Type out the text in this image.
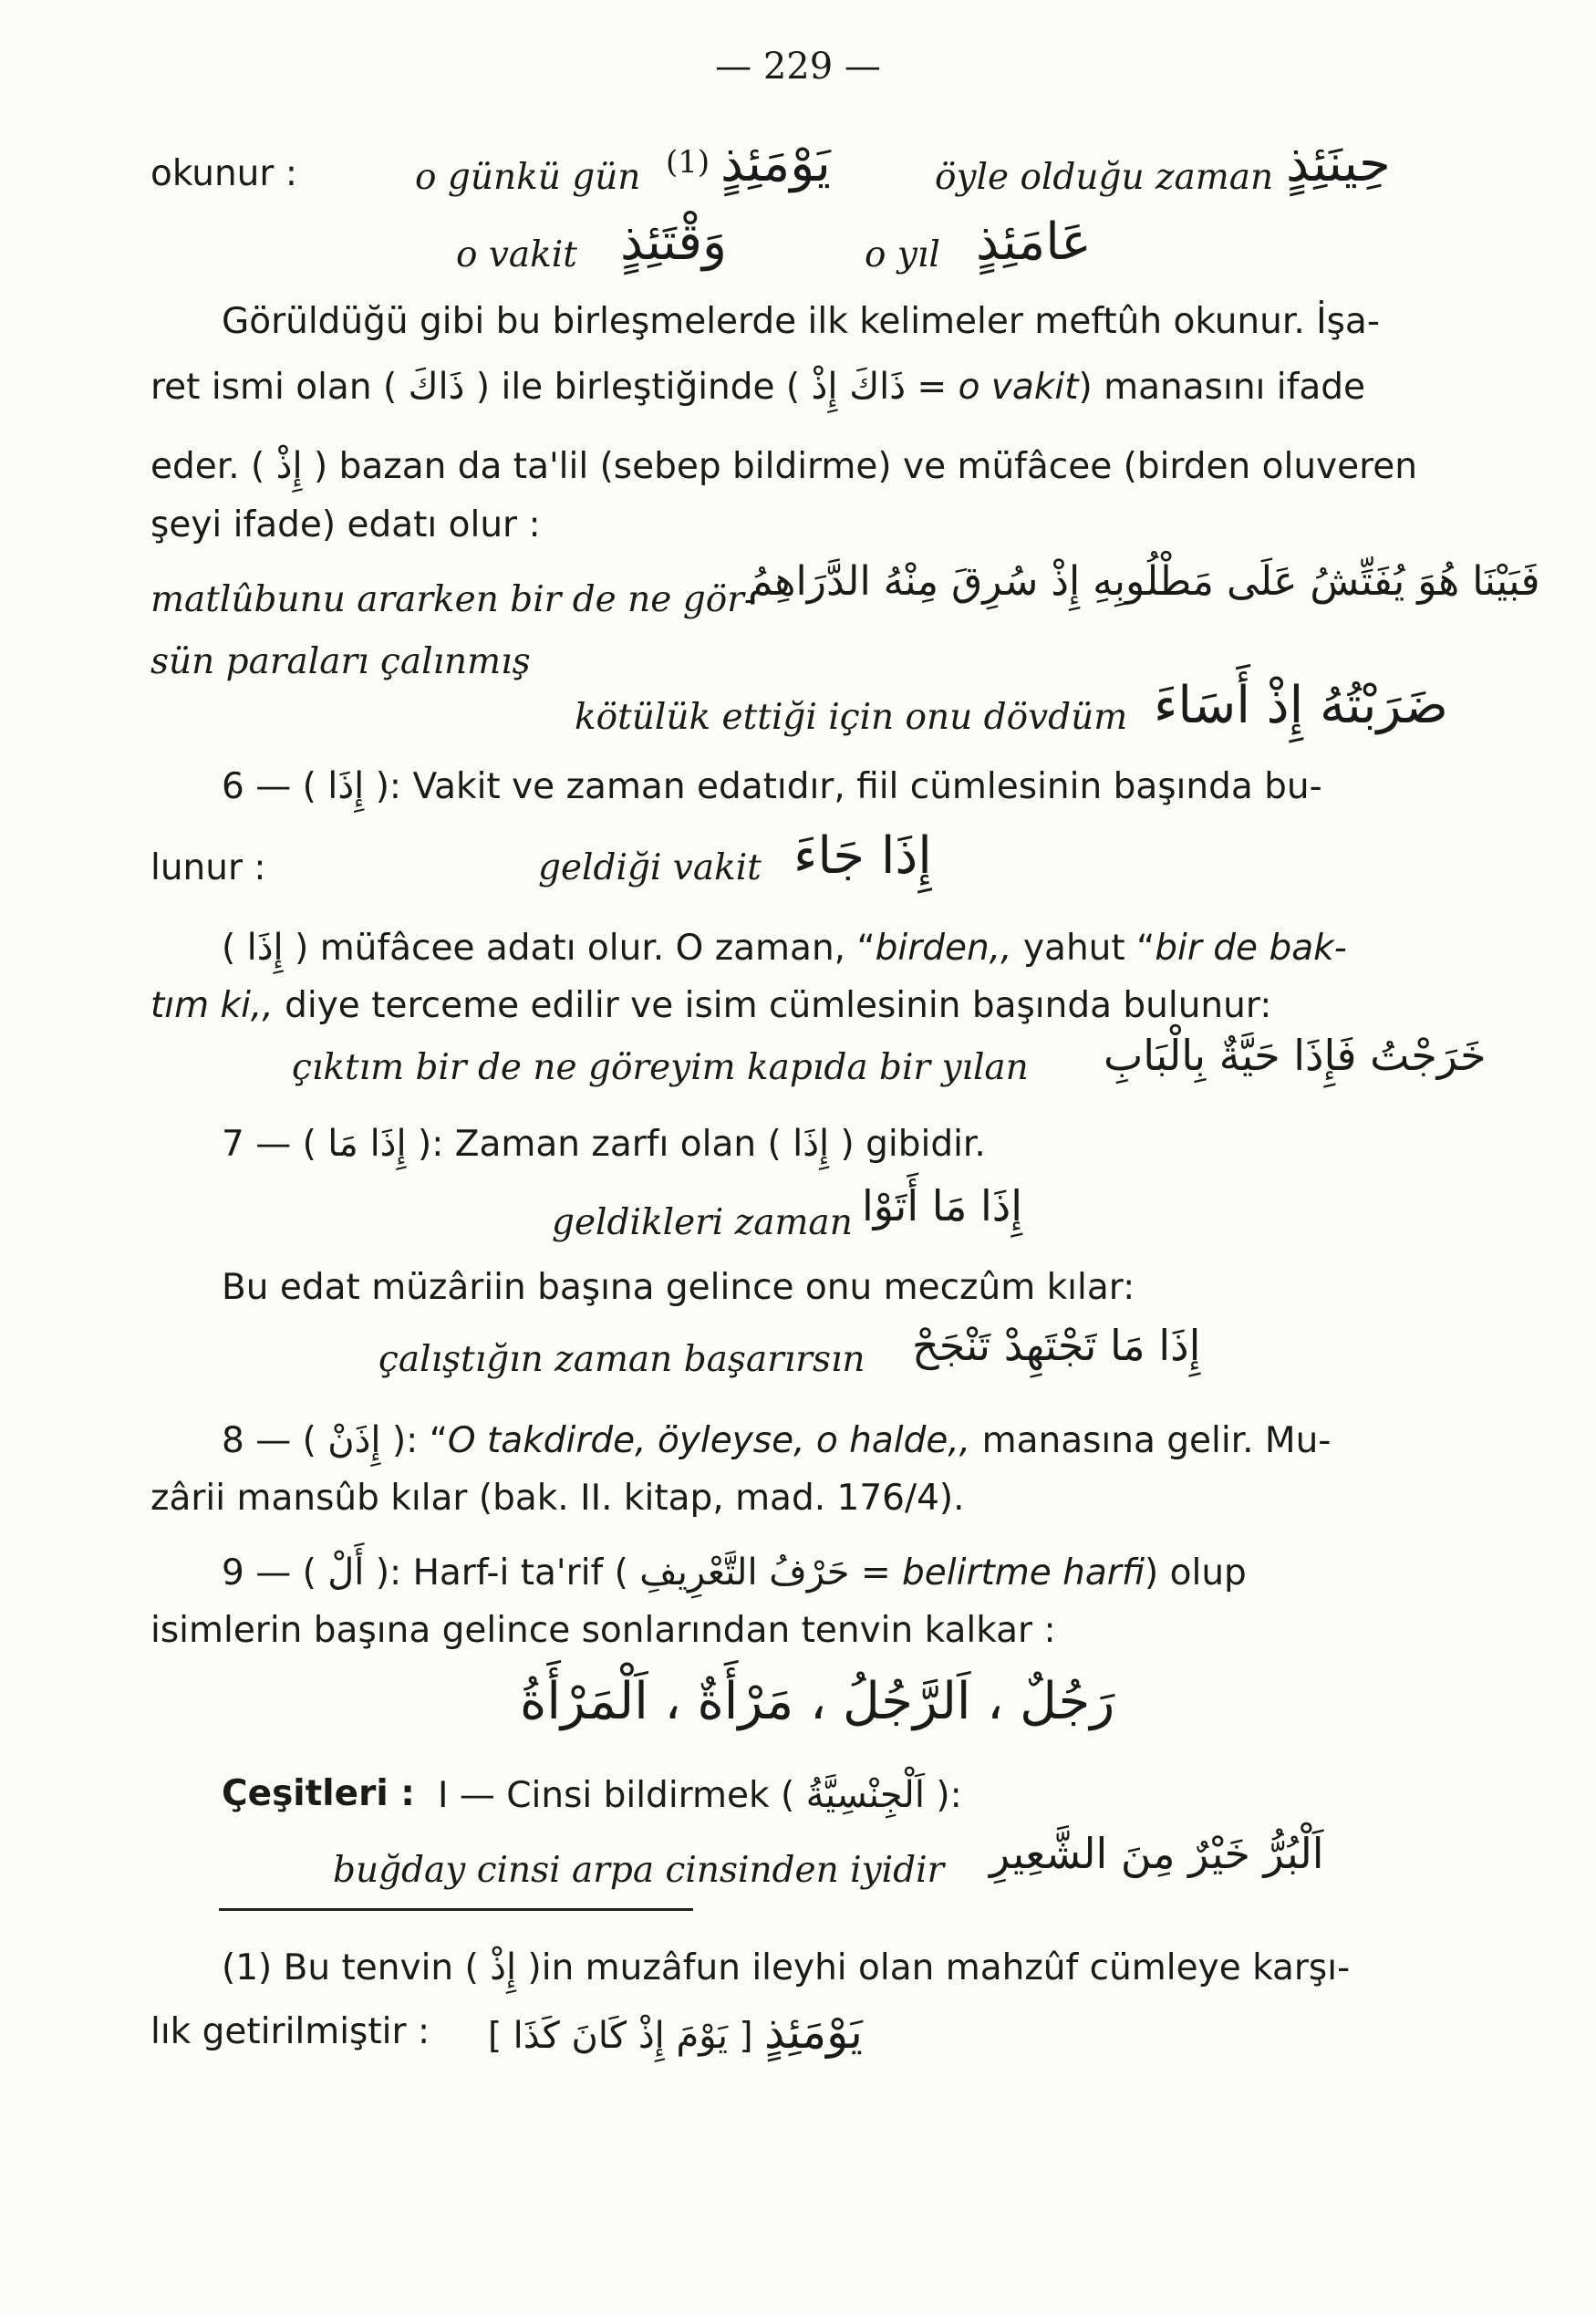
— 229 —
okunur :	o günkü gün (1) يَوْمَئِذٍ	öyle olduğu zaman حِينَئِذٍ
o vakit وَقْتَئِذٍ	o yıl عَامَئِذٍ
Görüldüğü gibi bu birleşmelerde ilk kelimeler meftûh okunur. İşa-
ret ismi olan ( ذَاكَ ) ile birleştiğinde ( ذَاكَ إِذْ = o vakit) manasını ifade
eder. ( إِذْ ) bazan da ta'lil (sebep bildirme) ve müfâcee (birden oluveren
şeyi ifade) edatı olur :
matlûbunu ararken bir de ne gör-
فَبَيْنَا هُوَ يُفَتِّشُ عَلَى مَطْلُوبِهِ إِذْ سُرِقَ مِنْهُ الدَّرَاهِمُ
sün paraları çalınmış
kötülük ettiği için onu dövdüm ضَرَبْتُهُ إِذْ أَسَاءَ
6 — ( إِذَا ): Vakit ve zaman edatıdır, fiil cümlesinin başında bu-
lunur :	geldiği vakit إِذَا جَاءَ
( إِذَا ) müfâcee adatı olur. O zaman, “birden,, yahut “bir de bak-
tım ki,, diye terceme edilir ve isim cümlesinin başında bulunur:
çıktım bir de ne göreyim kapıda bir yılan خَرَجْتُ فَإِذَا حَيَّةٌ بِالْبَابِ
7 — ( إِذَا مَا ): Zaman zarfı olan ( إِذَا ) gibidir.
geldikleri zaman إِذَا مَا أَتَوْا
Bu edat müzâriin başına gelince onu meczûm kılar:
çalıştığın zaman başarırsın إِذَا مَا تَجْتَهِدْ تَنْجَحْ
8 — ( إِذَنْ ): “O takdirde, öyleyse, o halde,, manasına gelir. Mu-
zârii mansûb kılar (bak. II. kitap, mad. 176/4).
9 — ( أَلْ ): Harf-i ta'rif ( حَرْفُ التَّعْرِيفِ = belirtme harfi) olup
isimlerin başına gelince sonlarından tenvin kalkar :
رَجُلٌ ، اَلرَّجُلُ ، مَرْأَةٌ ، اَلْمَرْأَةُ
Çeşitleri : I — Cinsi bildirmek ( اَلْجِنْسِيَّةُ ):
buğday cinsi arpa cinsinden iyidir اَلْبُرُّ خَيْرٌ مِنَ الشَّعِيرِ
(1) Bu tenvin ( إِذْ )in muzâfun ileyhi olan mahzûf cümleye karşı-
lık getirilmiştir : [ يَوْمَ إِذْ كَانَ كَذَا ] يَوْمَئِذٍ
